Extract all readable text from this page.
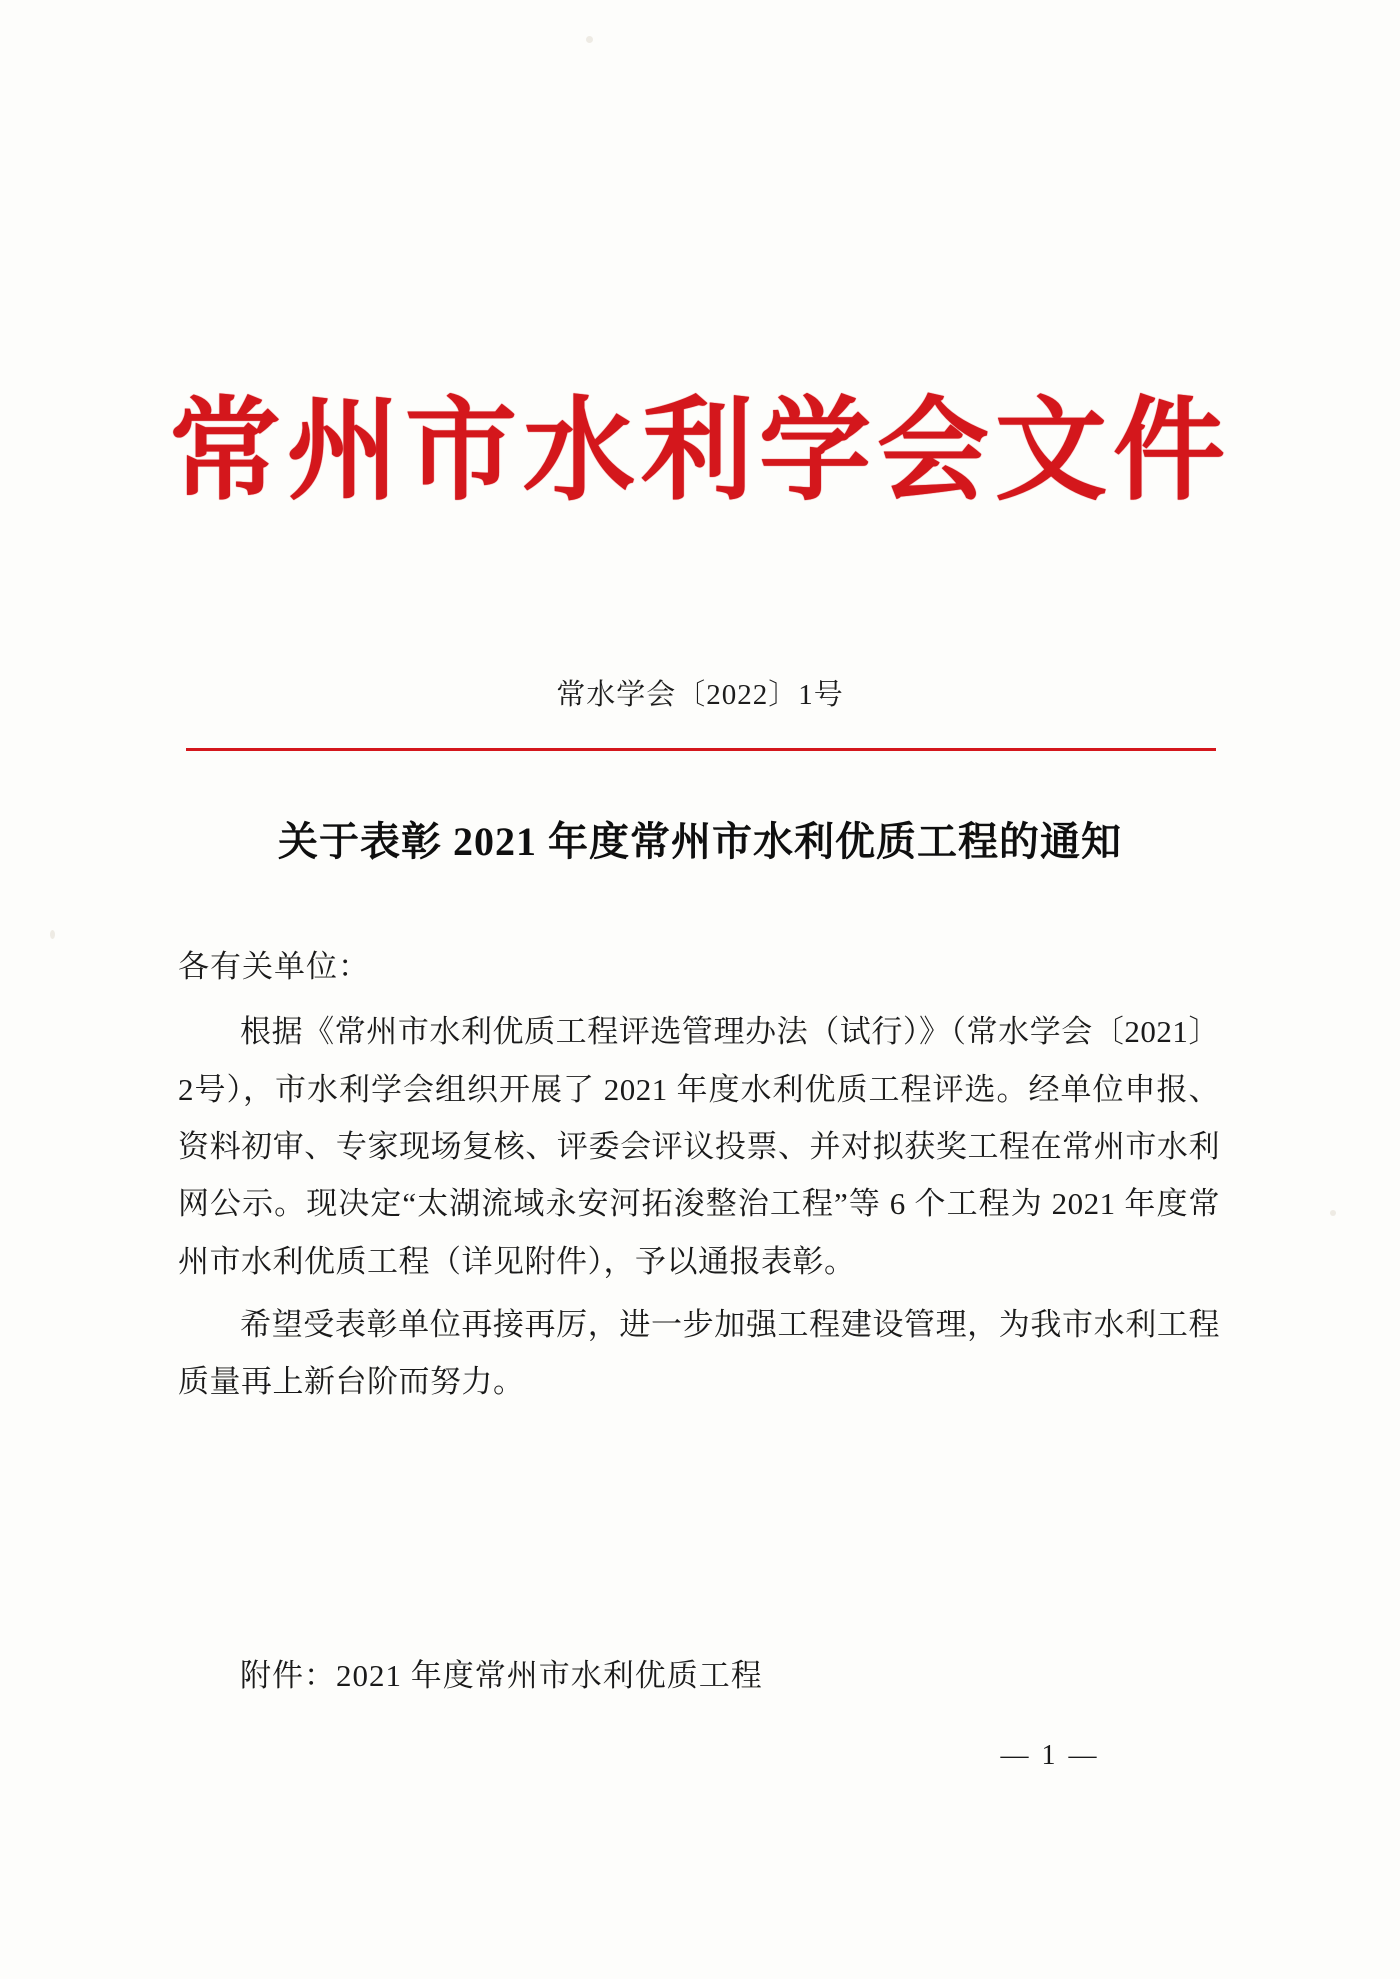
常州市水利学会文件
常水学会〔2022〕1号
关于表彰 2021 年度常州市水利优质工程的通知
各有关单位：

根据《常州市水利优质工程评选管理办法（试行）》（常水学会〔2021〕2号），市水利学会组织开展了 2021 年度水利优质工程评选。经单位申报、资料初审、专家现场复核、评委会评议投票、并对拟获奖工程在常州市水利网公示。现决定“太湖流域永安河拓浚整治工程”等 6 个工程为 2021 年度常州市水利优质工程（详见附件），予以通报表彰。

希望受表彰单位再接再厉，进一步加强工程建设管理，为我市水利工程质量再上新台阶而努力。

附件：2021 年度常州市水利优质工程
— 1 —
